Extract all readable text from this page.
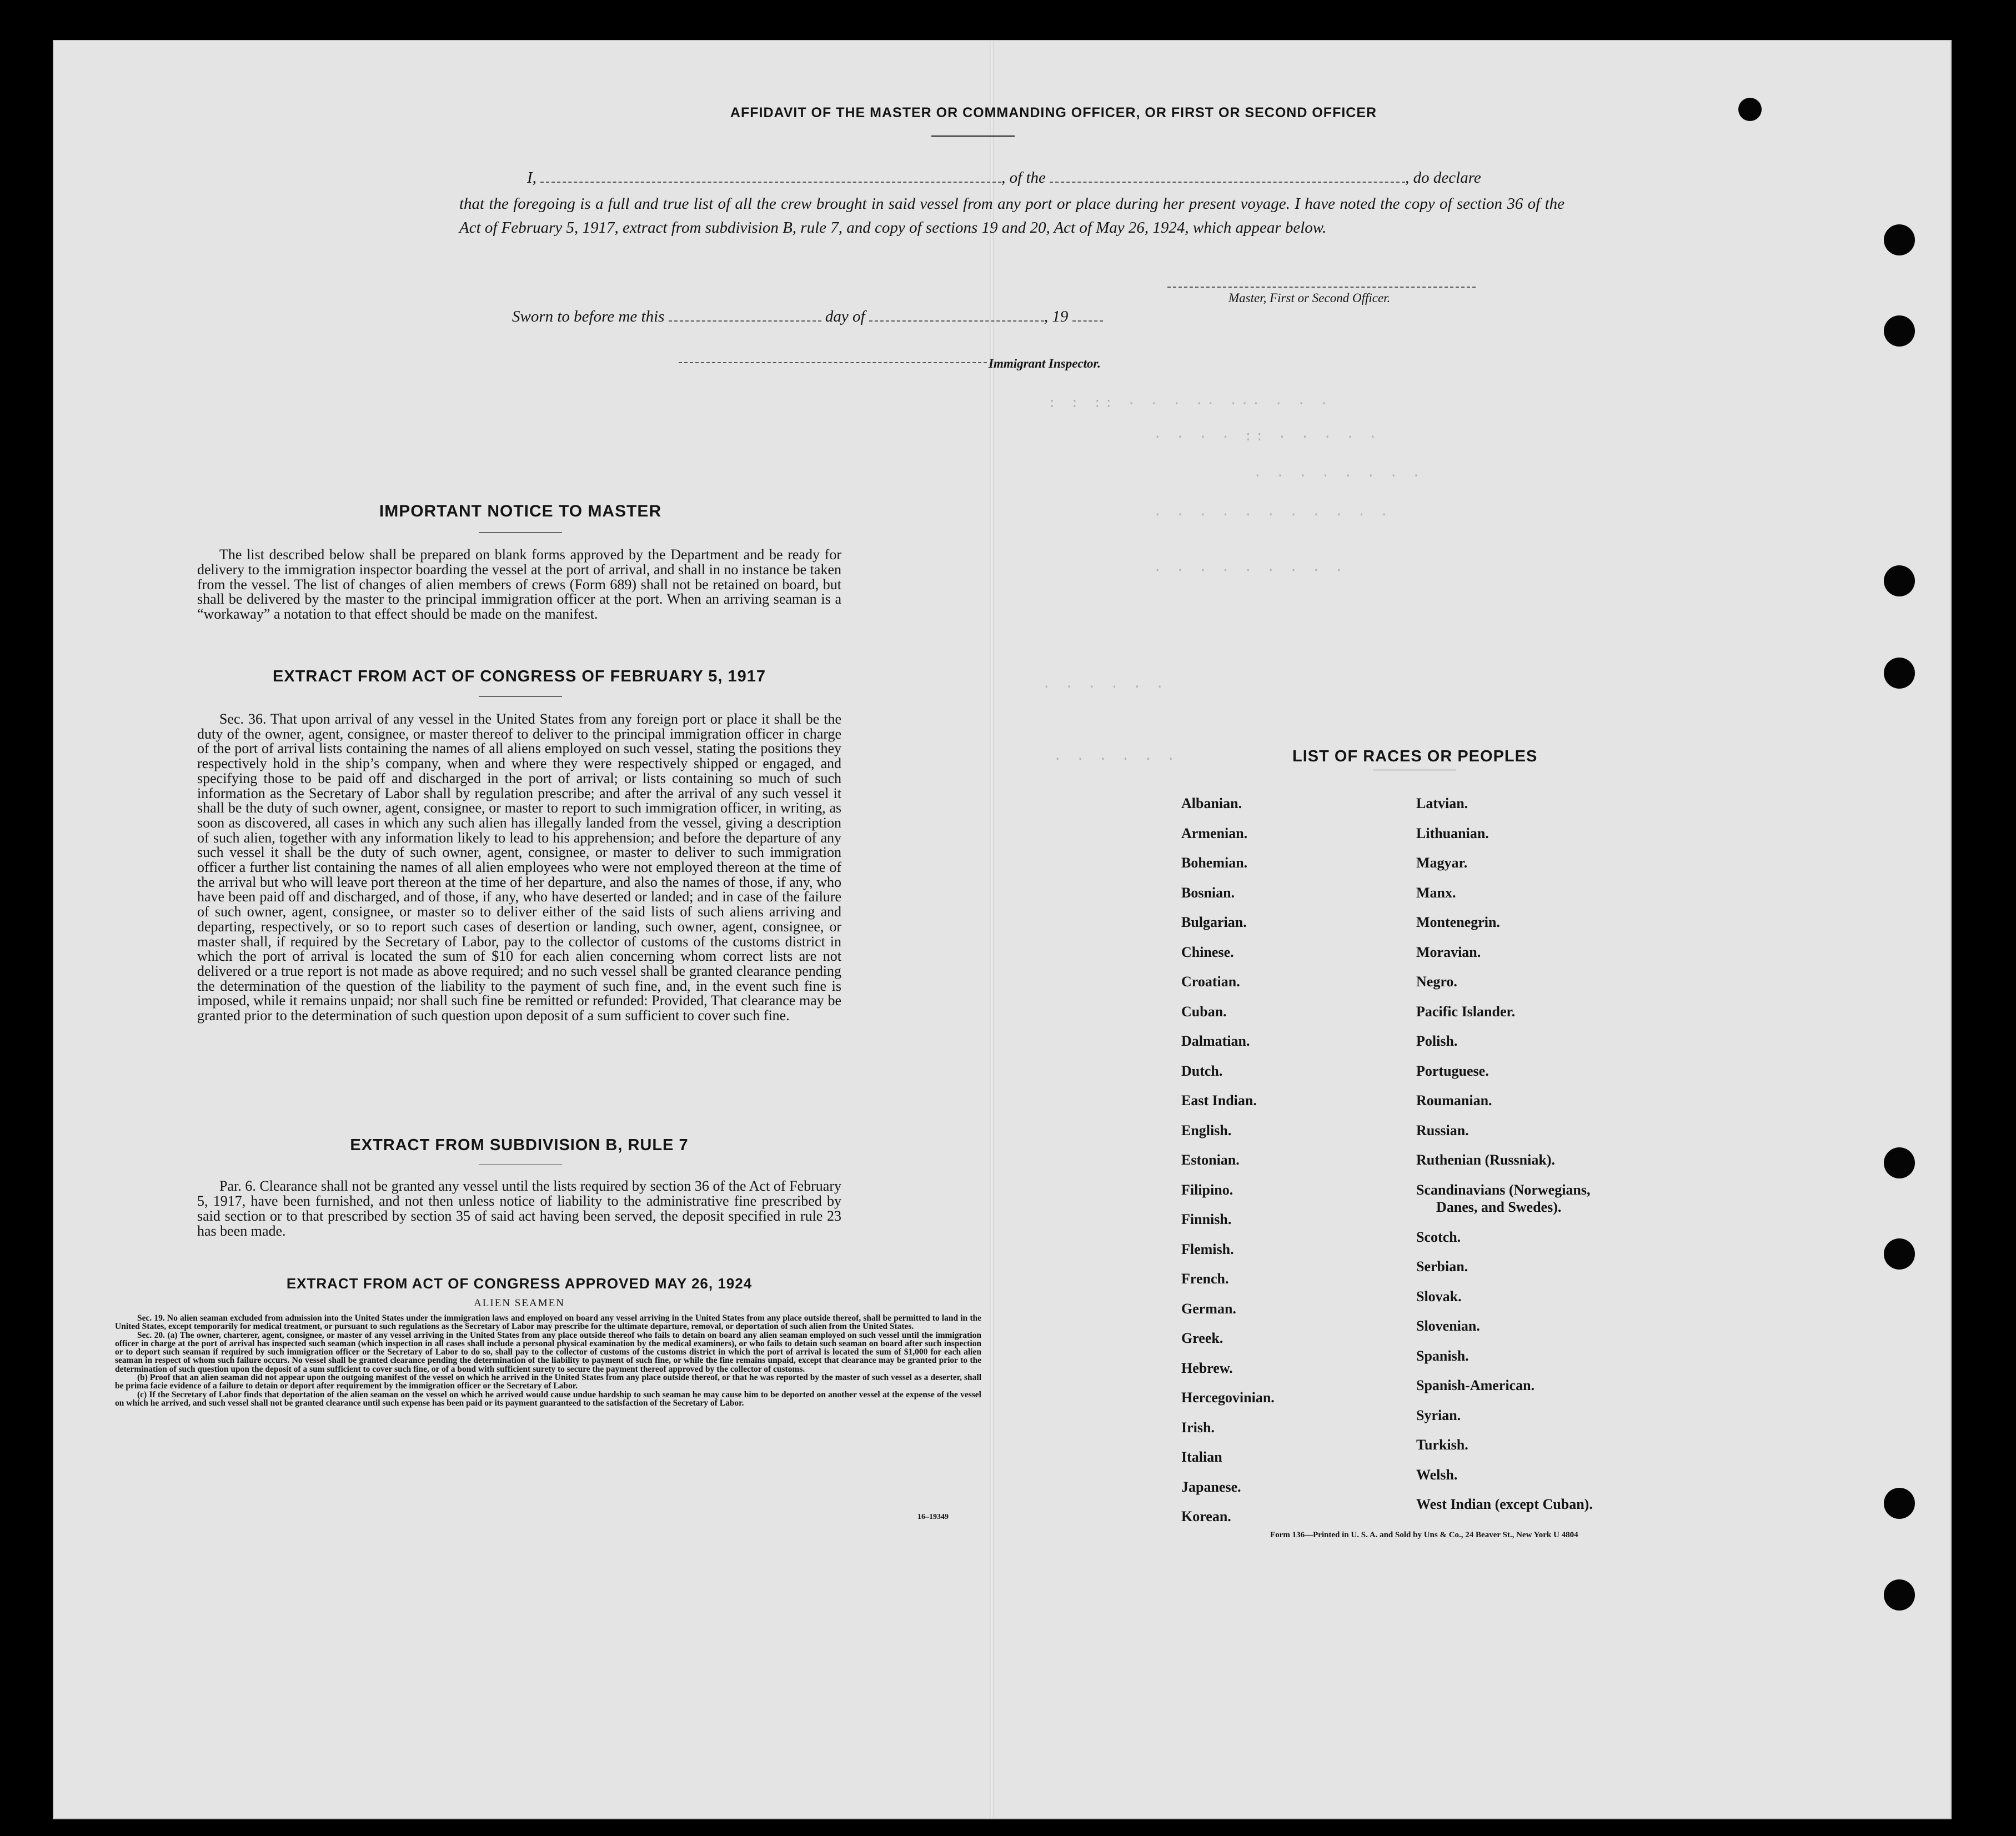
AFFIDAVIT OF THE MASTER OR COMMANDING OFFICER, OR FIRST OR SECOND OFFICER
I,	, of the	, do declare
that the foregoing is a full and true list of all the crew brought in said vessel from any port or place during her present voyage. I have noted the copy of section 36 of the Act of February 5, 1917, extract from subdivision B, rule 7, and copy of sections 19 and 20, Act of May 26, 1924, which appear below.
Master, First or Second Officer.
Sworn to before me this	day of	, 19
Immigrant Inspector.
: : :: · · · ·· ··· · · ·
· · · · :: · · · · ·
· · · · · · · ·
· · · · · · · · · · ·
· · · · · · · · ·
· · · · · ·
· · · · · ·
IMPORTANT NOTICE TO MASTER
The list described below shall be prepared on blank forms approved by the Department and be ready for delivery to the immigration inspector boarding the vessel at the port of arrival, and shall in no instance be taken from the vessel. The list of changes of alien members of crews (Form 689) shall not be retained on board, but shall be delivered by the master to the principal immigration officer at the port. When an arriving seaman is a “workaway” a notation to that effect should be made on the manifest.
EXTRACT FROM ACT OF CONGRESS OF FEBRUARY 5, 1917
Sec. 36. That upon arrival of any vessel in the United States from any foreign port or place it shall be the duty of the owner, agent, consignee, or master thereof to deliver to the principal immigration officer in charge of the port of arrival lists containing the names of all aliens employed on such vessel, stating the positions they respectively hold in the ship’s company, when and where they were respectively shipped or engaged, and specifying those to be paid off and discharged in the port of arrival; or lists containing so much of such information as the Secretary of Labor shall by regulation prescribe; and after the arrival of any such vessel it shall be the duty of such owner, agent, consignee, or master to report to such immigration officer, in writing, as soon as discovered, all cases in which any such alien has illegally landed from the vessel, giving a description of such alien, together with any information likely to lead to his apprehension; and before the departure of any such vessel it shall be the duty of such owner, agent, consignee, or master to deliver to such immigration officer a further list containing the names of all alien employees who were not employed thereon at the time of the arrival but who will leave port thereon at the time of her departure, and also the names of those, if any, who have been paid off and discharged, and of those, if any, who have deserted or landed; and in case of the failure of such owner, agent, consignee, or master so to deliver either of the said lists of such aliens arriving and departing, respectively, or so to report such cases of desertion or landing, such owner, agent, consignee, or master shall, if required by the Secretary of Labor, pay to the collector of customs of the customs district in which the port of arrival is located the sum of $10 for each alien concerning whom correct lists are not delivered or a true report is not made as above required; and no such vessel shall be granted clearance pending the determination of the question of the liability to the payment of such fine, and, in the event such fine is imposed, while it remains unpaid; nor shall such fine be remitted or refunded: Provided, That clearance may be granted prior to the determination of such question upon deposit of a sum sufficient to cover such fine.
EXTRACT FROM SUBDIVISION B, RULE 7
Par. 6. Clearance shall not be granted any vessel until the lists required by section 36 of the Act of February 5, 1917, have been furnished, and not then unless notice of liability to the administrative fine prescribed by said section or to that prescribed by section 35 of said act having been served, the deposit specified in rule 23 has been made.
EXTRACT FROM ACT OF CONGRESS APPROVED MAY 26, 1924
ALIEN SEAMEN
Sec. 19. No alien seaman excluded from admission into the United States under the immigration laws and employed on board any vessel arriving in the United States from any place outside thereof, shall be permitted to land in the United States, except temporarily for medical treatment, or pursuant to such regulations as the Secretary of Labor may prescribe for the ultimate departure, removal, or deportation of such alien from the United States.
Sec. 20. (a) The owner, charterer, agent, consignee, or master of any vessel arriving in the United States from any place outside thereof who fails to detain on board any alien seaman employed on such vessel until the immigration officer in charge at the port of arrival has inspected such seaman (which inspection in all cases shall include a personal physical examination by the medical examiners), or who fails to detain such seaman on board after such inspection or to deport such seaman if required by such immigration officer or the Secretary of Labor to do so, shall pay to the collector of customs of the customs district in which the port of arrival is located the sum of $1,000 for each alien seaman in respect of whom such failure occurs. No vessel shall be granted clearance pending the determination of the liability to payment of such fine, or while the fine remains unpaid, except that clearance may be granted prior to the determination of such question upon the deposit of a sum sufficient to cover such fine, or of a bond with sufficient surety to secure the payment thereof approved by the collector of customs.
(b) Proof that an alien seaman did not appear upon the outgoing manifest of the vessel on which he arrived in the United States from any place outside thereof, or that he was reported by the master of such vessel as a deserter, shall be prima facie evidence of a failure to detain or deport after requirement by the immigration officer or the Secretary of Labor.
(c) If the Secretary of Labor finds that deportation of the alien seaman on the vessel on which he arrived would cause undue hardship to such seaman he may cause him to be deported on another vessel at the expense of the vessel on which he arrived, and such vessel shall not be granted clearance until such expense has been paid or its payment guaranteed to the satisfaction of the Secretary of Labor.
16–19349
LIST OF RACES OR PEOPLES
Albanian.
Armenian.
Bohemian.
Bosnian.
Bulgarian.
Chinese.
Croatian.
Cuban.
Dalmatian.
Dutch.
East Indian.
English.
Estonian.
Filipino.
Finnish.
Flemish.
French.
German.
Greek.
Hebrew.
Hercegovinian.
Irish.
Italian
Japanese.
Korean.
Latvian.
Lithuanian.
Magyar.
Manx.
Montenegrin.
Moravian.
Negro.
Pacific Islander.
Polish.
Portuguese.
Roumanian.
Russian.
Ruthenian (Russniak).
Scandinavians (Norwegians,
Danes, and Swedes).
Scotch.
Serbian.
Slovak.
Slovenian.
Spanish.
Spanish-American.
Syrian.
Turkish.
Welsh.
West Indian (except Cuban).
Form 136—Printed in U. S. A. and Sold by Uns & Co., 24 Beaver St., New York U 4804
